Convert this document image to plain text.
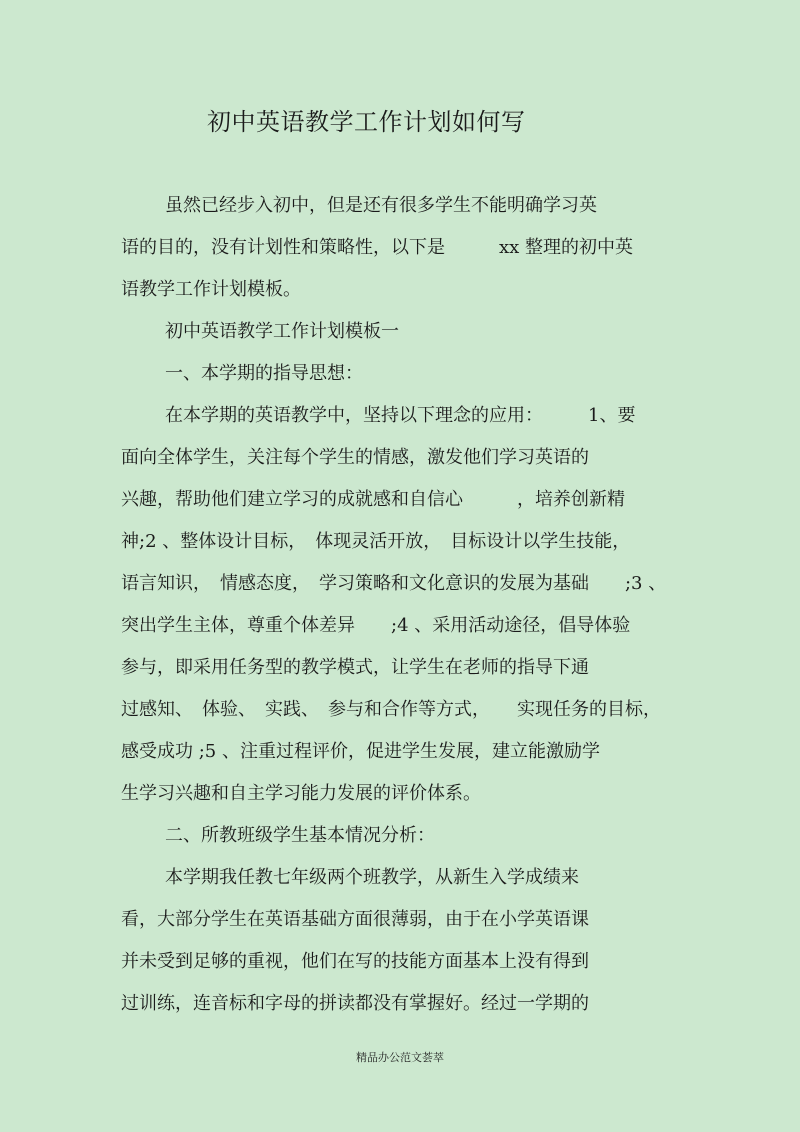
初中英语教学工作计划如何写

虽然已经步入初中，但是还有很多学生不能明确学习英

语的目的，没有计划性和策略性，以下是　　　xx 整理的初中英

语教学工作计划模板。

初中英语教学工作计划模板一

一、本学期的指导思想：

在本学期的英语教学中，坚持以下理念的应用：　　　1、要

面向全体学生，关注每个学生的情感，激发他们学习英语的

兴趣，帮助他们建立学习的成就感和自信心　　　，培养创新精

神;2 、整体设计目标，　体现灵活开放，　目标设计以学生技能，

语言知识，　情感态度，　学习策略和文化意识的发展为基础　　;3 、

突出学生主体，尊重个体差异　　;4 、采用活动途径，倡导体验

参与，即采用任务型的教学模式，让学生在老师的指导下通

过感知、　体验、　实践、　参与和合作等方式，　　实现任务的目标，

感受成功 ;5 、注重过程评价，促进学生发展，建立能激励学

生学习兴趣和自主学习能力发展的评价体系。

二、所教班级学生基本情况分析：

本学期我任教七年级两个班教学，从新生入学成绩来

看，大部分学生在英语基础方面很薄弱，由于在小学英语课

并未受到足够的重视，他们在写的技能方面基本上没有得到

过训练，连音标和字母的拼读都没有掌握好。经过一学期的

精品办公范文荟萃
